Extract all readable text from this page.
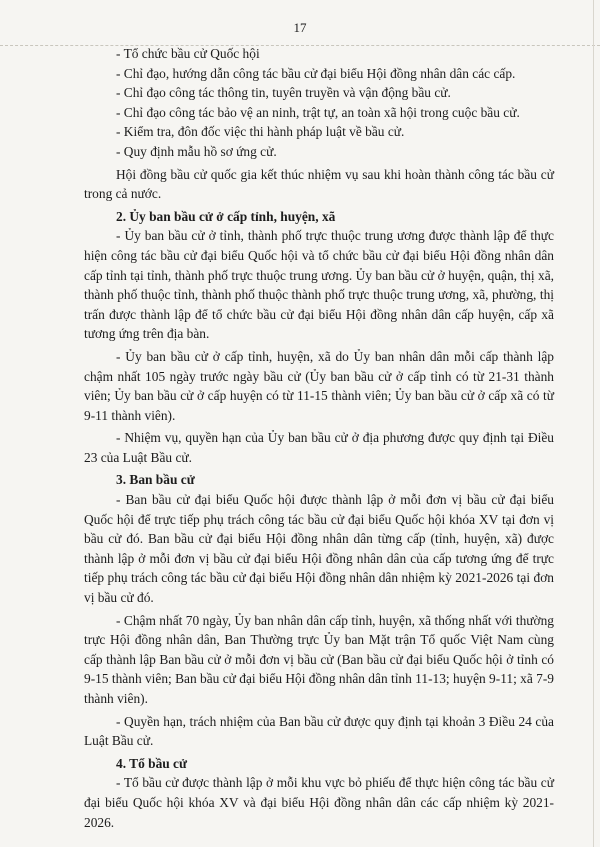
17

- Tổ chức bầu cử Quốc hội

- Chỉ đạo, hướng dẫn công tác bầu cử đại biểu Hội đồng nhân dân các cấp.

- Chỉ đạo công tác thông tin, tuyên truyền và vận động bầu cử.

- Chỉ đạo công tác bảo vệ an ninh, trật tự, an toàn xã hội trong cuộc bầu cử.

- Kiểm tra, đôn đốc việc thi hành pháp luật về bầu cử.

- Quy định mẫu hồ sơ ứng cử.

Hội đồng bầu cử quốc gia kết thúc nhiệm vụ sau khi hoàn thành công tác bầu cử trong cả nước.

2. Ủy ban bầu cử ở cấp tỉnh, huyện, xã

- Ủy ban bầu cử ở tỉnh, thành phố trực thuộc trung ương được thành lập để thực hiện công tác bầu cử đại biểu Quốc hội và tổ chức bầu cử đại biểu Hội đồng nhân dân cấp tỉnh tại tỉnh, thành phố trực thuộc trung ương. Ủy ban bầu cử ở huyện, quận, thị xã, thành phố thuộc tỉnh, thành phố thuộc thành phố trực thuộc trung ương, xã, phường, thị trấn được thành lập để tổ chức bầu cử đại biểu Hội đồng nhân dân cấp huyện, cấp xã tương ứng trên địa bàn.

- Ủy ban bầu cử ở cấp tỉnh, huyện, xã do Ủy ban nhân dân mỗi cấp thành lập chậm nhất 105 ngày trước ngày bầu cử (Ủy ban bầu cử ở cấp tỉnh có từ 21-31 thành viên; Ủy ban bầu cử ở cấp huyện có từ 11-15 thành viên; Ủy ban bầu cử ở cấp xã có từ 9-11 thành viên).

- Nhiệm vụ, quyền hạn của Ủy ban bầu cử ở địa phương được quy định tại Điều 23 của Luật Bầu cử.

3. Ban bầu cử

- Ban bầu cử đại biểu Quốc hội được thành lập ở mỗi đơn vị bầu cử đại biểu Quốc hội để trực tiếp phụ trách công tác bầu cử đại biểu Quốc hội khóa XV tại đơn vị bầu cử đó. Ban bầu cử đại biểu Hội đồng nhân dân từng cấp (tỉnh, huyện, xã) được thành lập ở mỗi đơn vị bầu cử đại biểu Hội đồng nhân dân của cấp tương ứng để trực tiếp phụ trách công tác bầu cử đại biểu Hội đồng nhân dân nhiệm kỳ 2021-2026 tại đơn vị bầu cử đó.

- Chậm nhất 70 ngày, Ủy ban nhân dân cấp tỉnh, huyện, xã thống nhất với thường trực Hội đồng nhân dân, Ban Thường trực Ủy ban Mặt trận Tổ quốc Việt Nam cùng cấp thành lập Ban bầu cử ở mỗi đơn vị bầu cử (Ban bầu cử đại biểu Quốc hội ở tỉnh có 9-15 thành viên; Ban bầu cử đại biểu Hội đồng nhân dân tỉnh 11-13; huyện 9-11; xã 7-9 thành viên).

- Quyền hạn, trách nhiệm của Ban bầu cử được quy định tại khoản 3 Điều 24 của Luật Bầu cử.

4. Tổ bầu cử

- Tổ bầu cử được thành lập ở mỗi khu vực bỏ phiếu để thực hiện công tác bầu cử đại biểu Quốc hội khóa XV và đại biểu Hội đồng nhân dân các cấp nhiệm kỳ 2021-2026.
